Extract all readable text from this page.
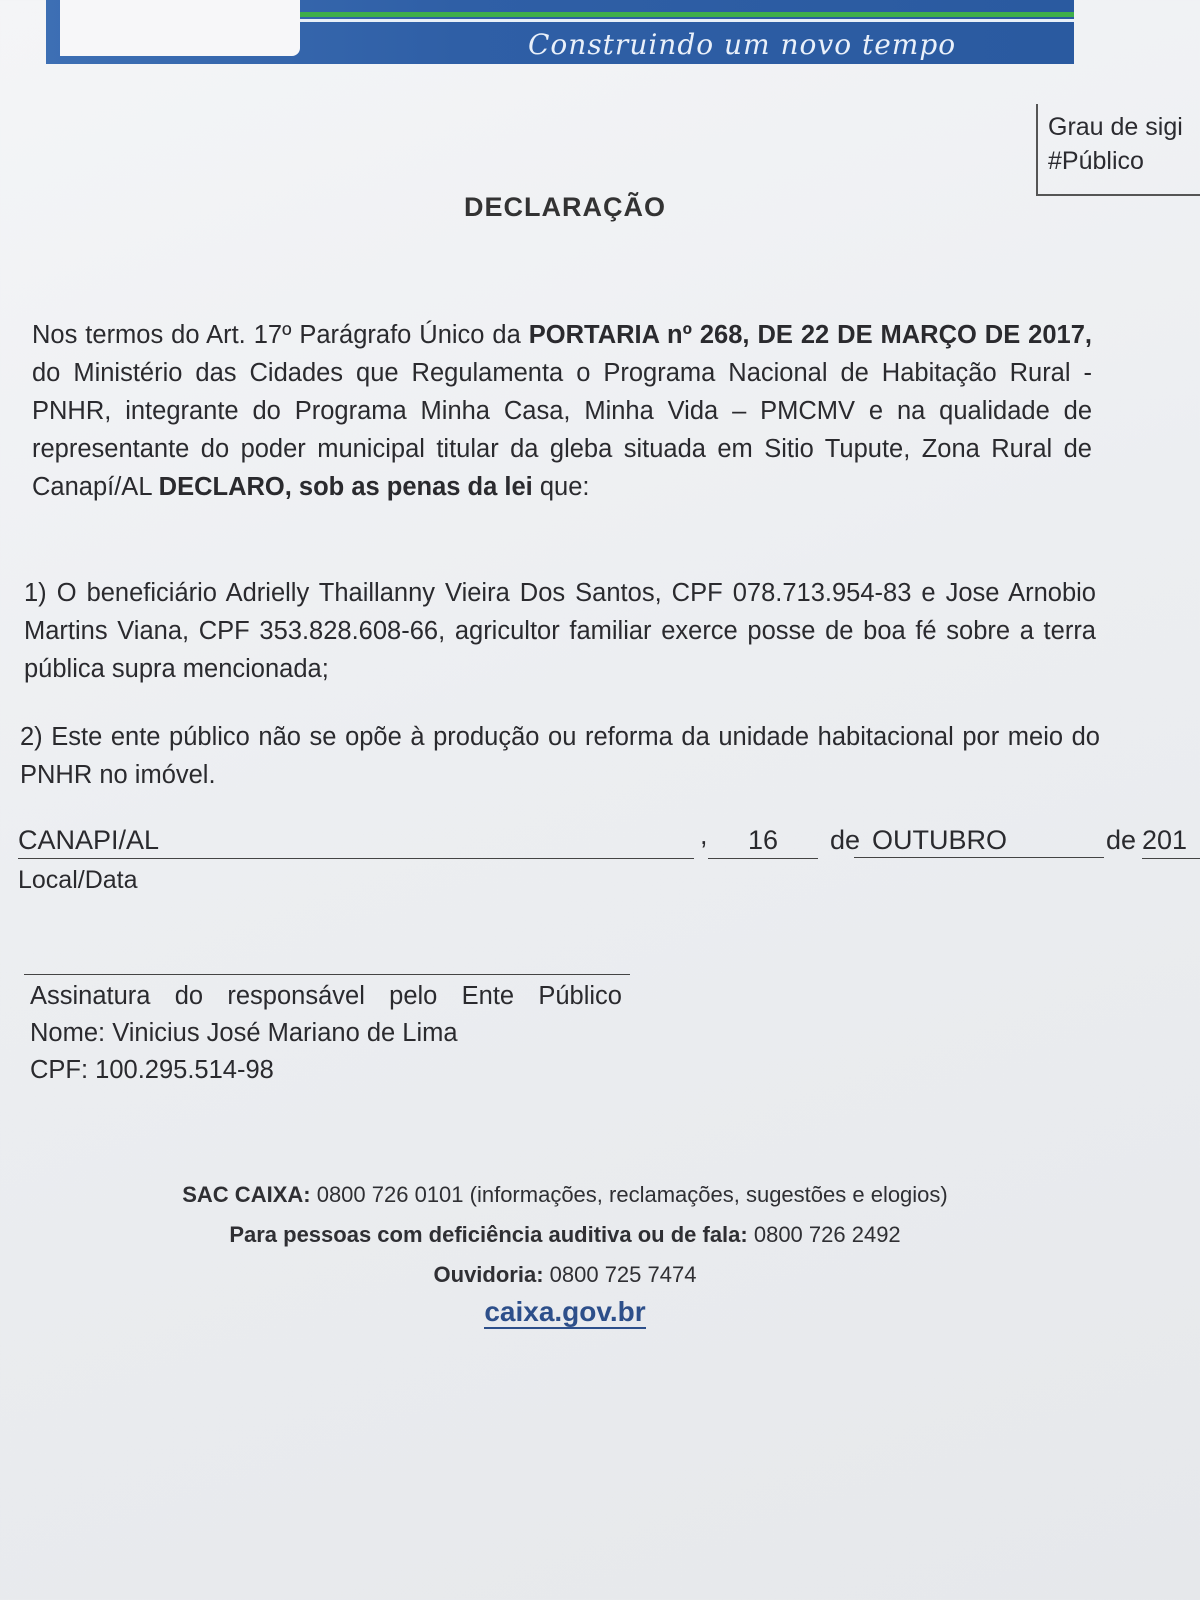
Construindo um novo tempo
Grau de sigi
#Público
DECLARAÇÃO
Nos termos do Art. 17º Parágrafo Único da PORTARIA nº 268, DE 22 DE MARÇO DE 2017, do Ministério das Cidades que Regulamenta o Programa Nacional de Habitação Rural - PNHR, integrante do Programa Minha Casa, Minha Vida – PMCMV e na qualidade de representante do poder municipal titular da gleba situada em Sitio Tupute, Zona Rural de Canapí/AL DECLARO, sob as penas da lei que:
1) O beneficiário Adrielly Thaillanny Vieira Dos Santos, CPF 078.713.954-83 e Jose Arnobio Martins Viana, CPF 353.828.608-66, agricultor familiar exerce posse de boa fé sobre a terra pública supra mencionada;
2) Este ente público não se opõe à produção ou reforma da unidade habitacional por meio do PNHR no imóvel.
CANAPI/AL	,	16	de OUTUBRO	de 201
Local/Data
Assinatura do responsável pelo Ente Público
Nome: Vinicius José Mariano de Lima
CPF: 100.295.514-98
SAC CAIXA: 0800 726 0101 (informações, reclamações, sugestões e elogios)
Para pessoas com deficiência auditiva ou de fala: 0800 726 2492
Ouvidoria: 0800 725 7474
caixa.gov.br
